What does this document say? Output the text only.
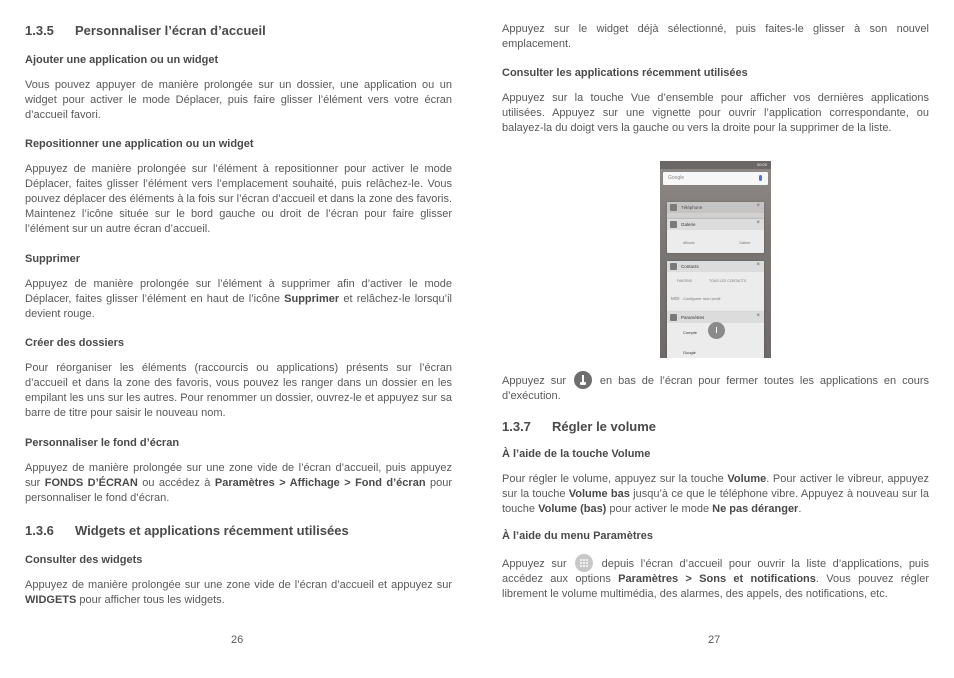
1.3.5 Personnaliser l’écran d’accueil
Ajouter une application ou un widget
Vous pouvez appuyer de manière prolongée sur un dossier, une application ou un widget pour activer le mode Déplacer, puis faire glisser l’élément vers votre écran d’accueil favori.
Repositionner une application ou un widget
Appuyez de manière prolongée sur l’élément à repositionner pour activer le mode Déplacer, faites glisser l’élément vers l’emplacement souhaité, puis relâchez-le. Vous pouvez déplacer des éléments à la fois sur l’écran d’accueil et dans la zone des favoris. Maintenez l’icône située sur le bord gauche ou droit de l’écran pour faire glisser l’élément sur un autre écran d’accueil.
Supprimer
Appuyez de manière prolongée sur l’élément à supprimer afin d’activer le mode Déplacer, faites glisser l’élément en haut de l’icône Supprimer et relâchez-le lorsqu’il devient rouge.
Créer des dossiers
Pour réorganiser les éléments (raccourcis ou applications) présents sur l’écran d’accueil et dans la zone des favoris, vous pouvez les ranger dans un dossier en les empilant les uns sur les autres. Pour renommer un dossier, ouvrez-le et appuyez sur sa barre de titre pour saisir le nouveau nom.
Personnaliser le fond d’écran
Appuyez de manière prolongée sur une zone vide de l’écran d’accueil, puis appuyez sur FONDS D’ÉCRAN ou accédez à Paramètres > Affichage > Fond d’écran pour personnaliser le fond d’écran.
1.3.6 Widgets et applications récemment utilisées
Consulter des widgets
Appuyez de manière prolongée sur une zone vide de l’écran d’accueil et appuyez sur WIDGETS pour afficher tous les widgets.
26
Appuyez sur le widget déjà sélectionné, puis faites-le glisser à son nouvel emplacement.
Consulter les applications récemment utilisées
Appuyez sur la touche Vue d’ensemble pour afficher vos dernières applications utilisées. Appuyez sur une vignette pour ouvrir l’application correspondante, ou balayez-la du doigt vers la gauche ou vers la droite pour la supprimer de la liste.
Appuyez sur  en bas de l’écran pour fermer toutes les applications en cours d’exécution.
1.3.7 Régler le volume
À l’aide de la touche Volume
Pour régler le volume, appuyez sur la touche Volume. Pour activer le vibreur, appuyez sur la touche Volume bas jusqu’à ce que le téléphone vibre. Appuyez à nouveau sur la touche Volume (bas) pour activer le mode Ne pas déranger.
À l’aide du menu Paramètres
Appuyez sur
depuis l’écran d’accueil pour ouvrir la liste d’applications, puis accédez aux options Paramètres > Sons et notifications. Vous pouvez régler librement le volume multimédia, des alarmes, des appels, des notifications, etc.
27
00:00
Google
Téléphone	×
Galerie	×
Albums	Galerie
Contacts	×
FAVORIS	TOUS LES CONTACTS
MOI Configurer mon profil
Paramètres	×
Compte
Google
